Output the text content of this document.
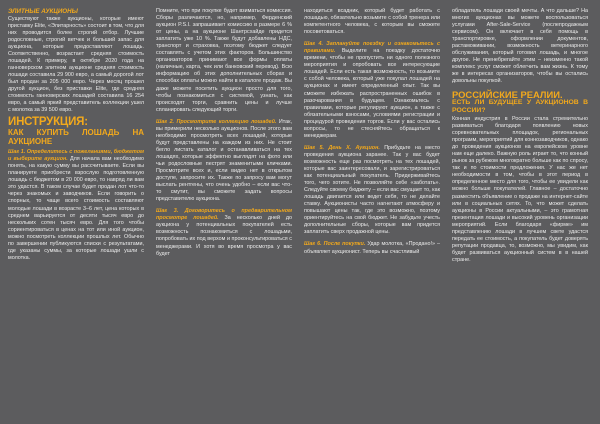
ЭЛИТНЫЕ АУКЦИОНЫ

Существуют также аукционы, которые имеют приставку Elite, «Элитарность» состоит в том, что для них проводится более строгий отбор. Лучшие родословные, строгий ветчек и больший запас для аукциона, которые предоставляют лошадь. Соответственно, возрастает средняя стоимость лошадей. К примеру, в октябре 2020 года на ганноверском элитном аукционе средняя стоимость лошади составила 29 900 евро, а самый дорогой лот был продан за 205 000 евро. Через месяц прошел другой аукцион, без приставки Elite, где средняя стоимость ганноверских лошадей составила 16 254 евро, а самый яркий представитель коллекции ушел с молотка за 39 500 евро.

ИНСТРУКЦИЯ:
КАК КУПИТЬ ЛОШАДЬ НА АУКЦИОНЕ

Шаг 1. Определитесь с пожеланиями, бюджетом и выберите аукцион. Для начала вам необходимо понять, на какую сумму вы рассчитываете. Если вы планируете приобрести взрослую подготовленную лошадь с бюджетом в 20 000 евро, то навряд ли вам это удастся. В таком случае будет продан лот что-то через знакомых и заводчиков. Если говорить о спорных, то чаще всего стоимость составляют молодые лошади в возрасте 3–6 лет, цена которых в среднем варьируется от десяти тысяч евро до нескольких сотен тысяч евро. Для того чтобы сориентироваться в ценах на тот или иной аукцион, можно посмотреть коллекции прошлых лет. Обычно по завершении публикуются списки с результатами, где указаны суммы, за которые лошади ушли с молотка.

Помните, что при покупке будет взиматься комиссия. Сборы различаются, но, например, Ферденский аукцион P.S.I. запрашивает комиссию в размере 6 % от цены, а на аукционе Шантрсхайде придется заплатить уже 10 %. Также будут добавлены НДС, транспорт и страховка, поэтому бюджет следует составлять с учетом этих факторов. Большинство организаторов принимают все формы оплаты (наличные, карта, чек или банковский перевод). Всю информацию об этих дополнительных сборах и способах оплаты можно найти в каталоге продаж. Вы даже можете посетить аукцион просто для того, чтобы познакомиться с системой, узнать, как происходят торги, сравнить цены и лучше спланировать следующий торги.

Шаг 2. Просмотрите коллекцию лошадей. Итак, вы примерили несколько аукционов. После этого вам необходимо просмотреть всех лошадей, которые будут представлены на каждом из них. Не стоит бегло листать каталог и останавливаться на тех лошадях, которые эффектно выглядят на фото или чьи родословные пестрят знаменитыми кличками. Просмотрите всех и, если видео нет в открытом доступе, запросите их. Также по запросу вам могут выслать рентгены, что очень удобно – если вас что-то смутит, вы сможете задать вопросы представителю аукциона.

Шаг 3. Договоритесь о предварительном просмотре лошадей. За несколько дней до аукциона у потенциальных покупателей есть возможность познакомиться с лошадьми, попробовать их под верхом и проконсультироваться с менеджерами. И хотя во время просмотра у вас будет

находиться всадник, который будет работать с лошадью, обязательно возьмите с собой тренера или компетентного человека, с которым вы сможете посоветоваться.

Шаг 4. Заплануйте поездку и ознакомьтесь с правилами. Выделите на поездку достаточно времени, чтобы не пропустить ни одного полезного мероприятия и опробовать все интересующие лошадей. Если есть такая возможность, то возьмите с собой человека, который уже покупал лошадей на аукционах и имеет определенный опыт. Так вы сможете избежать распространенных ошибок в разочарования в будущем. Ознакомьтесь с правилами, которые регулируют аукцион, а также с обязательными взносами, условиями регистрации и процедурой проведения торгов. Если у вас остались вопросы, то не стесняйтесь обращаться к менеджерам.

Шаг 5. День X. Аукцион. Прибудьте на место проведения аукциона заранее. Так у вас будет возможность еще раз посмотреть на тех лошадей, которые вас заинтересовали, и зарегистрироваться как потенциальный покупатель. Придерживайтесь того, чего хотите. Не позволяйте себе «заботать». Следуйте своему бюджету – если вас смущает то, как лошадь двигается или ведет себя, то не делайте ставку. Аукционисты часто нагнетают атмосферу и повышают цены так, где это возможно, поэтому ориентируйтесь на свой бюджет. Не забудьте учесть дополнительные сборы, которые вам придется заплатить сверх продажной цены.

Шаг 6. После покупки. Удар молотка, «Продано!» – объявляет аукционист. Теперь вы счастливый

обладатель лошади своей мечты. А что дальше? На многих аукционах вы можете воспользоваться услугами After-Sale-Service (послепродажным сервисом). Он включает в себя помощь в транспортировке, оформлении документов, растаможивании, возможность ветеринарного обслуживания, который готовил лошадь, и многое другое. Не пренебрегайте этим – неизменно такой комплекс услуг сможет облегчить вам жизнь. К тому же в интересах организаторов, чтобы вы остались довольны покупкой.

РОССИЙСКИЕ РЕАЛИИ.
ЕСТЬ ЛИ БУДУЩЕЕ У АУКЦИОНОВ В РОССИИ?

Конная индустрия в России стала стремительно развиваться благодаря появлению новых соревновательных площадок, региональных программ, мероприятий для коннозаводчиков, однако до проведения аукционов на европейском уровне нам еще далеко. Важную роль играет то, что конный рынок за рубежом многократно больше как по спросу, так и по стоимости предложения. У нас же нет необходимости в том, чтобы в этот период в определенное место для того, чтобы ее увидели как можно больше покупателей. Главное – достаточно разместить объявление о продаже на интернет-сайте или в социальных сетях. То, что может сделать аукционы в России актуальными, – это грамотная презентация лошади и высокий уровень организации мероприятий. Если благодаря «фирме» им представлению лошади в лучшем свете удастся передать ее стоимость, а покупатель будет доверять репутации продавца, то, возможно, мы увидим, как будет развиваться аукционный систем в в нашей стране.
